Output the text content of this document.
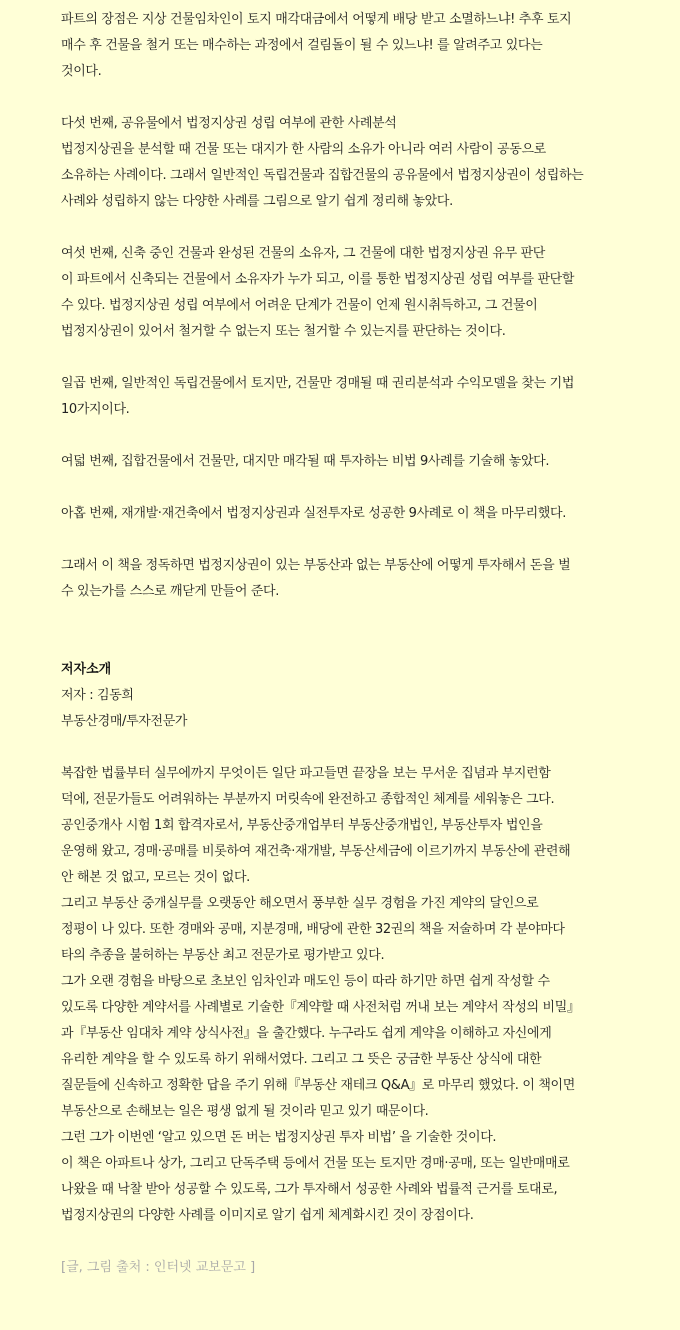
파트의 장점은 지상 건물임차인이 토지 매각대금에서 어떻게 배당 받고 소멸하느냐! 추후 토지
매수 후 건물을 철거 또는 매수하는 과정에서 걸림돌이 될 수 있느냐! 를 알려주고 있다는
것이다.
다섯 번째, 공유물에서 법정지상권 성립 여부에 관한 사례분석
법정지상권을 분석할 때 건물 또는 대지가 한 사람의 소유가 아니라 여러 사람이 공동으로
소유하는 사례이다. 그래서 일반적인 독립건물과 집합건물의 공유물에서 법정지상권이 성립하는
사례와 성립하지 않는 다양한 사례를 그림으로 알기 쉽게 정리해 놓았다.
여섯 번째, 신축 중인 건물과 완성된 건물의 소유자, 그 건물에 대한 법정지상권 유무 판단
이 파트에서 신축되는 건물에서 소유자가 누가 되고, 이를 통한 법정지상권 성립 여부를 판단할
수 있다. 법정지상권 성립 여부에서 어려운 단계가 건물이 언제 원시취득하고, 그 건물이
법정지상권이 있어서 철거할 수 없는지 또는 철거할 수 있는지를 판단하는 것이다.
일곱 번째, 일반적인 독립건물에서 토지만, 건물만 경매될 때 권리분석과 수익모델을 찾는 기법
10가지이다.
여덟 번째, 집합건물에서 건물만, 대지만 매각될 때 투자하는 비법 9사례를 기술해 놓았다.
아홉 번째, 재개발·재건축에서 법정지상권과 실전투자로 성공한 9사례로 이 책을 마무리했다.
그래서 이 책을 정독하면 법정지상권이 있는 부동산과 없는 부동산에 어떻게 투자해서 돈을 벌
수 있는가를 스스로 깨닫게 만들어 준다.
저자소개
저자 : 김동희
부동산경매/투자전문가
복잡한 법률부터 실무에까지 무엇이든 일단 파고들면 끝장을 보는 무서운 집념과 부지런함
덕에, 전문가들도 어려워하는 부분까지 머릿속에 완전하고 종합적인 체계를 세워놓은 그다.
공인중개사 시험 1회 합격자로서, 부동산중개업부터 부동산중개법인, 부동산투자 법인을
운영해 왔고, 경매·공매를 비롯하여 재건축·재개발, 부동산세금에 이르기까지 부동산에 관련해
안 해본 것 없고, 모르는 것이 없다.
그리고 부동산 중개실무를 오랫동안 해오면서 풍부한 실무 경험을 가진 계약의 달인으로
정평이 나 있다. 또한 경매와 공매, 지분경매, 배당에 관한 32권의 책을 저술하며 각 분야마다
타의 추종을 불허하는 부동산 최고 전문가로 평가받고 있다.
그가 오랜 경험을 바탕으로 초보인 임차인과 매도인 등이 따라 하기만 하면 쉽게 작성할 수
있도록 다양한 계약서를 사례별로 기술한『계약할 때 사전처럼 꺼내 보는 계약서 작성의 비밀』
과『부동산 임대차 계약 상식사전』을 출간했다. 누구라도 쉽게 계약을 이해하고 자신에게
유리한 계약을 할 수 있도록 하기 위해서였다. 그리고 그 뜻은 궁금한 부동산 상식에 대한
질문들에 신속하고 정확한 답을 주기 위해『부동산 재테크 Q&A』로 마무리 했었다. 이 책이면
부동산으로 손해보는 일은 평생 없게 될 것이라 믿고 있기 때문이다.
그런 그가 이번엔 ‘알고 있으면 돈 버는 법정지상권 투자 비법’ 을 기술한 것이다.
이 책은 아파트나 상가, 그리고 단독주택 등에서 건물 또는 토지만 경매·공매, 또는 일반매매로
나왔을 때 낙찰 받아 성공할 수 있도록, 그가 투자해서 성공한 사례와 법률적 근거를 토대로,
법정지상권의 다양한 사례를 이미지로 알기 쉽게 체계화시킨 것이 장점이다.
[글, 그림 출처 : 인터넷 교보문고 ]
